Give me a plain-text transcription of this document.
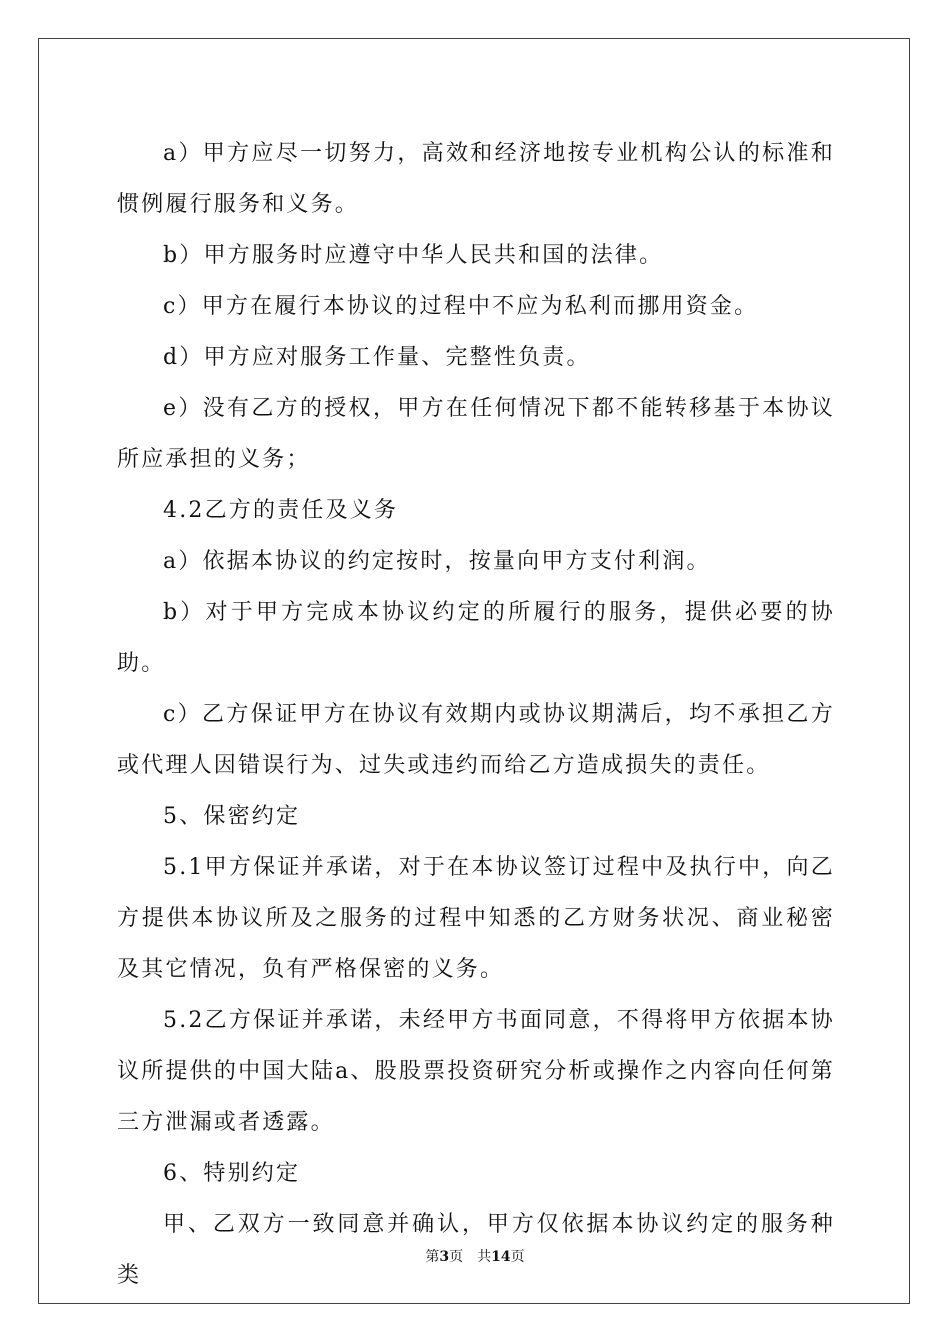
a）甲方应尽一切努力，高效和经济地按专业机构公认的标准和惯例履行服务和义务。

b）甲方服务时应遵守中华人民共和国的法律。

c）甲方在履行本协议的过程中不应为私利而挪用资金。

d）甲方应对服务工作量、完整性负责。

e）没有乙方的授权，甲方在任何情况下都不能转移基于本协议所应承担的义务；

4.2乙方的责任及义务

a）依据本协议的约定按时，按量向甲方支付利润。

b）对于甲方完成本协议约定的所履行的服务，提供必要的协助。

c）乙方保证甲方在协议有效期内或协议期满后，均不承担乙方或代理人因错误行为、过失或违约而给乙方造成损失的责任。

5、保密约定

5.1甲方保证并承诺，对于在本协议签订过程中及执行中，向乙方提供本协议所及之服务的过程中知悉的乙方财务状况、商业秘密及其它情况，负有严格保密的义务。

5.2乙方保证并承诺，未经甲方书面同意，不得将甲方依据本协议所提供的中国大陆a、股股票投资研究分析或操作之内容向任何第三方泄漏或者透露。

6、特别约定

甲、乙双方一致同意并确认，甲方仅依据本协议约定的服务种类

第3页 共14页
